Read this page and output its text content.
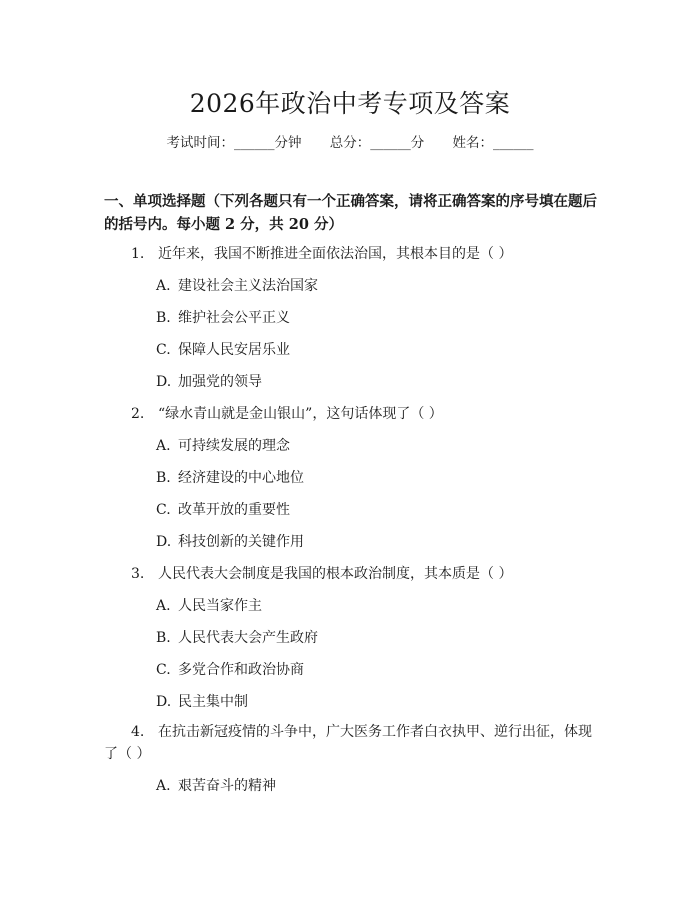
2026年政治中考专项及答案
考试时间：______分钟 总分：______分 姓名：______
一、单项选择题（下列各题只有一个正确答案，请将正确答案的序号填在题后的括号内。每小题 2 分，共 20 分）
1. 近年来，我国不断推进全面依法治国，其根本目的是（ ）
A. 建设社会主义法治国家
B. 维护社会公平正义
C. 保障人民安居乐业
D. 加强党的领导
2. “绿水青山就是金山银山”，这句话体现了（ ）
A. 可持续发展的理念
B. 经济建设的中心地位
C. 改革开放的重要性
D. 科技创新的关键作用
3. 人民代表大会制度是我国的根本政治制度，其本质是（ ）
A. 人民当家作主
B. 人民代表大会产生政府
C. 多党合作和政治协商
D. 民主集中制
4. 在抗击新冠疫情的斗争中，广大医务工作者白衣执甲、逆行出征，体现了（ ）
A. 艰苦奋斗的精神
